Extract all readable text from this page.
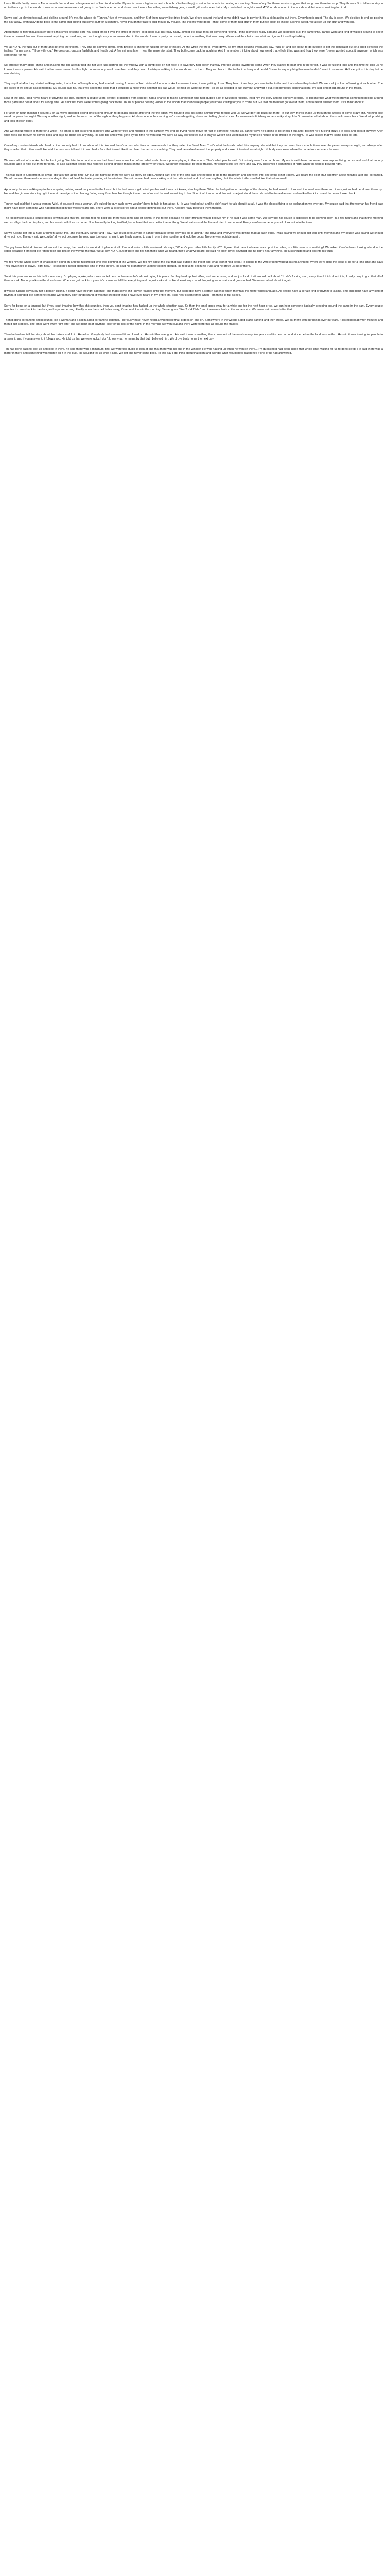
I was 16 with family down in Alabama with fam and own a huge amount of land in Huntsville. My uncle owns a big house and a bunch of trailers they just set in the woods for hunting or camping. Some of my Southern cousins suggest that we go out there to camp. They threw a fit to tell us to stay in no trailers or go in the woods. It was an adventure we were all going to do. We loaded up and drove over there a few miles, some fishing gear, a small grill and some chairs. My cousin had brought a small ATV to ride around in the woods and that was something fun to do.

So we end up playing football, and dicking around. It's me, the whole kid "Tanner," five of my cousins, and then 6 of them nearby like dried brush. We drove around the land so we didn't have to pay for it. It's a bit beautiful out there. Everything is quiet. The sky is open. We decided to end up picking the day away, eventually going back to the camp and putting out some stuff for a campfire, never though the trailers built mouse by mouse. The trailers were good. I think some of them had stuff in them but we didn't go inside. Nothing weird. We all set up our stuff and went on.

About thirty or forty minutes later there's this smell of some sort. You could smell it over the smell of the fire so it stood out. It's really nasty, almost like dead meat or something rotting. I think it smelled really bad and we all noticed it at the same time. Tanner went and kind of walked around to see if it was an animal. He said there wasn't anything he could see, and we thought maybe an animal died in the woods. It was a pretty bad smell, but not something that was crazy. We moved the chairs over a bit and ignored it and kept talking.

We at NOPE the fuck out of there and get into the trailers. They end up calming down, even Brooke is crying for fucking joy out of his joy. All the while the fire is dying down, so my other cousins eventually say, "fuck it," and are about to go outside to get the generator out of a shed between the trailers. Tanner says, "I'll go with you." He goes out, grabs a flashlight and heads out. A few minutes later I hear the generator start. They both come back in laughing. And I remember thinking about how weird that whole thing was and how they weren't even worried about it anymore, which was comforting for me.

So, Brooke finally stops crying and shaking, the girl already had the hot wire just starting out the window with a dumb look on her face. He says they had gotten halfway into the woods toward the camp when they started to hear shit in the forest. It was so fucking loud and this time he tells us he knows it was a person. He said that he never turned his flashlight on so nobody would see them and they heard footsteps walking in the woods next to them. They ran back to the trailer in a hurry and he didn't want to say anything because he didn't want to scare us. He'll deny it to this day but he was shaking.

They say that after they started walking faster, that a kind of low gibbering had started coming from out of both sides of the woods. And whatever it was, it was getting closer. They heard it as they got close to the trailer and that's when they bolted. We were all just kind of looking at each other. The girl asked if we should call somebody. My cousin said no, that if we called the cops that it would be a huge thing and that his dad would be mad we were out there. So we all decided to just stay put and wait it out. Nobody really slept that night. We just kind of sat around in the trailer.

Now at the time, I had never heard of anything like that, but from a couple years before I graduated from college I had a chance to talk to a professor who had studied a lot of Southern folklore. I told him the story and he got very serious. He told me that what we heard was something people around those parts had heard about for a long time. He said that there were stories going back to the 1800s of people hearing voices in the woods that sound like people you know, calling for you to come out. He told me to never go toward them, and to never answer them. I still think about it.

For after an hour, making it around 1 or 2a, we've dropped drilling bricks long enough to go back outside and tend the fire again. We figure it was just some animal trying to fuck with us. So we don't go back out there. In our way, they'll chase us through the woods or some crazy shit. Nothing else weird happens that night. We stay another night, and for the most part of the night nothing happens. All about one in the morning we're outside getting drunk and telling ghost stories. As someone is finishing some spooky story, I don't remember what about, the smell comes back. We all stop talking and look at each other.

And we end up where in there for a while. The smell is just as strong as before and we're terrified and huddled in this camper. We end up trying not to move for fear of someone hearing us. Tanner says he's going to go check it out and I tell him he's fucking crazy. He goes and does it anyway. After what feels like forever he comes back and says he didn't see anything. He said the smell was gone by the time he went out. We were all way too freaked out to stay so we left and went back to my uncle's house in the middle of the night. He was pissed that we came back so late.

One of my cousin's friends who lived on the property had told us about all this. He said there's a man who lives in those woods that they called the Smell Man. That's what the locals called him anyway. He said that they had seen him a couple times over the years, always at night, and always after they smelled that rotten smell. He said the man was tall and thin and had a face that looked like it had been burned or something. They said he walked around the property and looked into windows at night. Nobody ever knew where he came from or where he went.

We were all sort of spooked but he kept going. We later found out what we had heard was some kind of recorded audio from a phone playing in the woods. That's what people said. But nobody ever found a phone. My uncle said there has never been anyone living on his land and that nobody would be able to hide out there for long. He also said that people had reported seeing strange things on the property for years. We never went back to those trailers. My cousins still live there and say they still smell it sometimes at night when the wind is blowing right.

This was later in September, so it was still fairly hot at the time. On our last night out there we were all pretty on edge. Around dark one of the girls said she needed to go to the bathroom and she went into one of the other trailers. We heard the door shut and then a few minutes later she screamed. We all ran over there and she was standing in the middle of the trailer pointing at the window. She said a man had been looking in at her. We looked and didn't see anything, but the whole trailer smelled like that rotten smell.

Apparently he was walking up to the campsite, nothing weird happened in the forest, but he had seen a girl, mind you he said it was not Alexa, standing there. When he had gotten to the edge of the clearing he had turned to look and the smell was there and it was just so bad he almost threw up. He said the girl was standing right there at the edge of the clearing facing away from him. He thought it was one of us and he said something to her. She didn't turn around. He said she just stood there. He said he turned around and walked back to us and he never looked back.

Tanner had said that it was a woman. Well, of course it was a woman. We pulled the guy back so we wouldn't have to talk to him about it. He was freaked out and he didn't want to talk about it at all. It was the closest thing to an explanation we ever got. My cousin said that the woman his friend saw might have been someone who had gotten lost in the woods years ago. There were a lot of stories about people getting lost out there. Nobody really believed them though.

The kid himself is just a couple boxes of wines and this fire. He has told his past that there was some kind of animal in the forest because he didn't think he would believe him if he said it was some man. We say that his cousin is supposed to be coming down in a few hours and that in the morning we can all go back to his place, and his cousin will drive us home. Now I'm really fucking terrified, but at least that was better than nothing. We all sat around the fire and tried to act normal. Every so often somebody would look out into the trees.

So we fucking get into a huge argument about this, and eventually Tanner and I say, "We could seriously be in danger because of the way this kid is acting." The guys and everyone was getting mad at each other. I was saying we should just wait until morning and my cousin was saying we should drive out now. The guy said we couldn't drive out because the road was too rough at night. We finally agreed to stay in one trailer together and lock the doors. No one went outside again.

The guy looks behind him and all around the camp, then walks in, we kind of glance at all of us and looks a little confused. He says, "Where's your other little family at?" I figured that meant whoever was up at the cabin, is a little slow or something? We asked if we've been looking inland to the cabin because it smelled like rotten flesh and bits of the way up the trail. We all say NOPE out of there and tell him that's what we heard, that's what we heard. He said he didn't smell anything and he didn't hear anything. He just shrugged and got into his truck.

We tell him the whole story of what's been going on and the fucking kid who was pointing at the window. We tell him about the guy that was outside the trailer and what Tanner had seen. He listens to the whole thing without saying anything. When we're done he looks at us for a long time and says "You guys need to leave. Right now." He said he's heard about this kind of thing before. He said his grandfather used to tell him about it. He told us to get in his truck and he drove us out of there.

So at this point we know this isn't a real story. I'm playing a joke, which we can tell he's not because he's almost crying his pants. So they load up their rifles, and some more, and we just kind of sit around until about 11. He's fucking slap, every time I think about this, I really pray to god that all of them are ok. Nobody talks on the drive home. When we get back to my uncle's house we tell him everything and he just looks at us. He doesn't say a word. He just goes upstairs and goes to bed. We never talked about it again.

It was so fucking obviously not a person talking. It didn't have the right cadence, and that's some shit I never realized until that moment, but all people have a certain cadence when they talk, no matter what language. All people have a certain kind of rhythm to talking. This shit didn't have any kind of rhythm. It sounded like someone reading words they didn't understand. It was the creepiest thing I have ever heard in my entire life. I still hear it sometimes when I am trying to fall asleep.

Sorry for being on a tangent, but if you can't imagine how this shit sounded, then you can't imagine how fucked up the whole situation was. So then the smell goes away for a while and for the next hour or so, we can hear someone basically creeping around the camp in the dark. Every couple minutes it comes back to the door, and says something. Finally when the smell fades away, it's around 2 am in the morning. Tanner goes: "Ken? Kirk? Ms." and it answers back in the same voice. We never said a word after that.

Then it starts screaming and it sounds like a woman and a kid in a bag screaming together. I seriously have never heard anything like that. It goes on and on. Somewhere in the woods a dog starts barking and then stops. We sat there with our hands over our ears. It lasted probably ten minutes and then it just stopped. The smell went away right after and we didn't hear anything else for the rest of the night. In the morning we went out and there were footprints all around the trailers.

Then he had me tell the story about the trailers and I did. He asked if anybody had answered it and I said no. He said that was good. He said it was something that comes out of the woods every few years and it's been around since before the land was settled. He said it was looking for people to answer it, and if you answer it, it follows you. He told us that we were lucky. I don't know what he meant by that but I believed him. We drove back home the next day.

Tan had gone back to look up and look in there, he said there was a minimum, that we were too stupid to look at and that there was no one in the window. He was hauling up when he went in there... I'm guessing it had been inside that whole time, waiting for us to go to sleep. He said there was a mirror in there and something was written on it in the dust. He wouldn't tell us what it said. We left and never came back. To this day I still think about that night and wonder what would have happened if one of us had answered.
